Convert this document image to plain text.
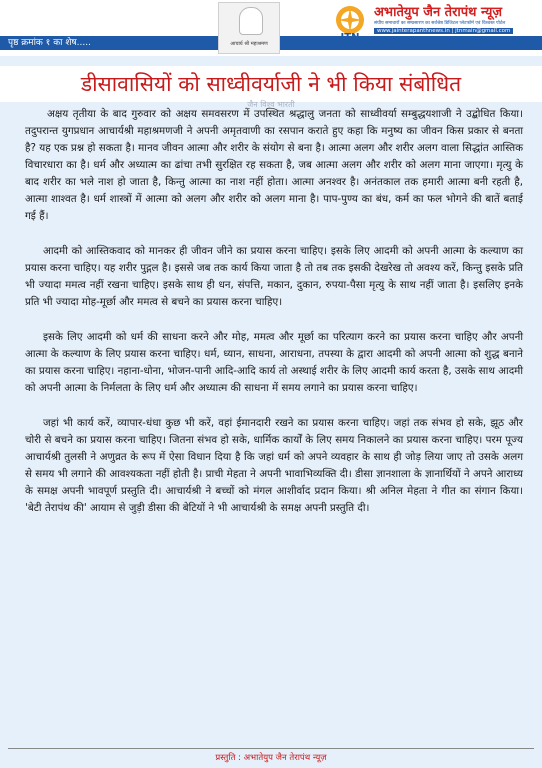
पृष्ठ क्रमांक १ का शेष.....	आचार्य श्री महाश्रमण
JTN
अभातेयुप जैन तेरापंथ न्यूज़
संघीय समाचारों का सम्प्रसारण का सर्वश्रेष्ठ डिजिटल प्लेटफॉर्म एवं विश्वस्त पोर्टल
www.jainterapanthnews.in | jtnmain@gmail.com
डीसावासियों को साध्वीवर्याजी ने भी किया संबोधित
जैन विश्व भारती

अक्षय तृतीया के बाद गुरुवार को अक्षय समवसरण में उपस्थित श्रद्धालु जनता को साध्वीवर्या सम्बुद्धयशाजी ने उद्बोधित किया। तदुपरान्त युगप्रधान आचार्यश्री महाश्रमणजी ने अपनी अमृतवाणी का रसपान कराते हुए कहा कि मनुष्य का जीवन किस प्रकार से बनता है? यह एक प्रश्न हो सकता है। मानव जीवन आत्मा और शरीर के संयोग से बना है। आत्मा अलग और शरीर अलग वाला सिद्धांत आस्तिक विचारधारा का है। धर्म और अध्यात्म का ढांचा तभी सुरक्षित रह सकता है, जब आत्मा अलग और शरीर को अलग माना जाएगा। मृत्यु के बाद शरीर का भले नाश हो जाता है, किन्तु आत्मा का नाश नहीं होता। आत्मा अनश्वर है। अनंतकाल तक हमारी आत्मा बनी रहती है, आत्मा शाश्वत है। धर्म शास्त्रों में आत्मा को अलग और शरीर को अलग माना है। पाप-पुण्य का बंध, कर्म का फल भोगने की बातें बताई गई हैं।

आदमी को आस्तिकवाद को मानकर ही जीवन जीने का प्रयास करना चाहिए। इसके लिए आदमी को अपनी आत्मा के कल्याण का प्रयास करना चाहिए। यह शरीर पुद्गल है। इससे जब तक कार्य किया जाता है तो तब तक इसकी देखरेख तो अवश्य करें, किन्तु इसके प्रति भी ज्यादा ममत्व नहीं रखना चाहिए। इसके साथ ही धन, संपत्ति, मकान, दुकान, रुपया-पैसा मृत्यु के साथ नहीं जाता है। इसलिए इनके प्रति भी ज्यादा मोह-मूर्छा और ममत्व से बचने का प्रयास करना चाहिए।

इसके लिए आदमी को धर्म की साधना करने और मोह, ममत्व और मूर्छा का परित्याग करने का प्रयास करना चाहिए और अपनी आत्मा के कल्याण के लिए प्रयास करना चाहिए। धर्म, ध्यान, साधना, आराधना, तपस्या के द्वारा आदमी को अपनी आत्मा को शुद्ध बनाने का प्रयास करना चाहिए। नहाना-धोना, भोजन-पानी आदि-आदि कार्य तो अस्थाई शरीर के लिए आदमी कार्य करता है, उसके साथ आदमी को अपनी आत्मा के निर्मलता के लिए धर्म और अध्यात्म की साधना में समय लगाने का प्रयास करना चाहिए।

जहां भी कार्य करें, व्यापार-धंधा कुछ भी करें, वहां ईमानदारी रखने का प्रयास करना चाहिए। जहां तक संभव हो सके, झूठ और चोरी से बचने का प्रयास करना चाहिए। जितना संभव हो सके, धार्मिक कार्यों के लिए समय निकालने का प्रयास करना चाहिए। परम पूज्य आचार्यश्री तुलसी ने अणुव्रत के रूप में ऐसा विधान दिया है कि जहां धर्म को अपने व्यवहार के साथ ही जोड़ लिया जाए तो उसके अलग से समय भी लगाने की आवश्यकता नहीं होती है। प्राची मेहता ने अपनी भावाभिव्यक्ति दी। डीसा ज्ञानशाला के ज्ञानार्थियों ने अपने आराध्य के समक्ष अपनी भावपूर्ण प्रस्तुति दी। आचार्यश्री ने बच्चों को मंगल आशीर्वाद प्रदान किया। श्री अनिल मेहता ने गीत का संगान किया। 'बेटी तेरापंथ की' आयाम से जुड़ी डीसा की बेटियों ने भी आचार्यश्री के समक्ष अपनी प्रस्तुति दी।

प्रस्तुति : अभातेयुप जैन तेरापंथ न्यूज़
